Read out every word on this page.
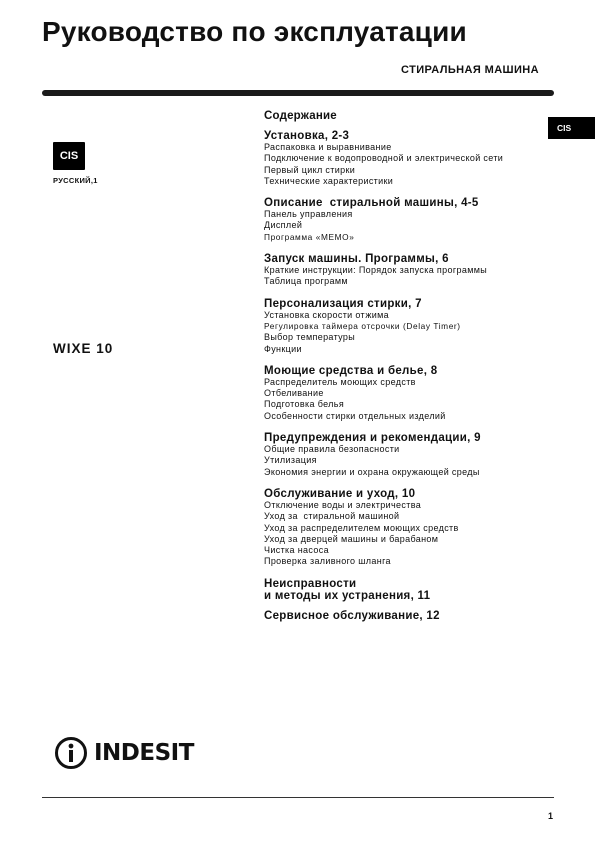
Руководство по эксплуатации
СТИРАЛЬНАЯ МАШИНА
CIS
РУССКИЙ,1
CIS
WIXE 10
Содержание
Установка, 2-3
Распаковка и выравнивание
Подключение к водопроводной и электрической сети
Первый цикл стирки
Технические характеристики
Описание  стиральной машины, 4-5
Панель управления
Дисплей
Программа «МЕМО»
Запуск машины. Программы, 6
Краткие инструкции: Порядок запуска программы
Таблица программ
Персонализация стирки, 7
Установка скорости отжима
Регулировка таймера отсрочки (Delay Timer)
Выбор температуры
Функции
Моющие средства и белье, 8
Распределитель моющих средств
Отбеливание
Подготовка белья
Особенности стирки отдельных изделий
Предупреждения и рекомендации, 9
Общие правила безопасности
Утилизация
Экономия энергии и охрана окружающей среды
Обслуживание и уход, 10
Отключение воды и электричества
Уход за  стиральной машиной
Уход за распределителем моющих средств
Уход за дверцей машины и барабаном
Чистка насоса
Проверка заливного шланга
Неисправности
и методы их устранения, 11
Сервисное обслуживание, 12
INDESIT
1
